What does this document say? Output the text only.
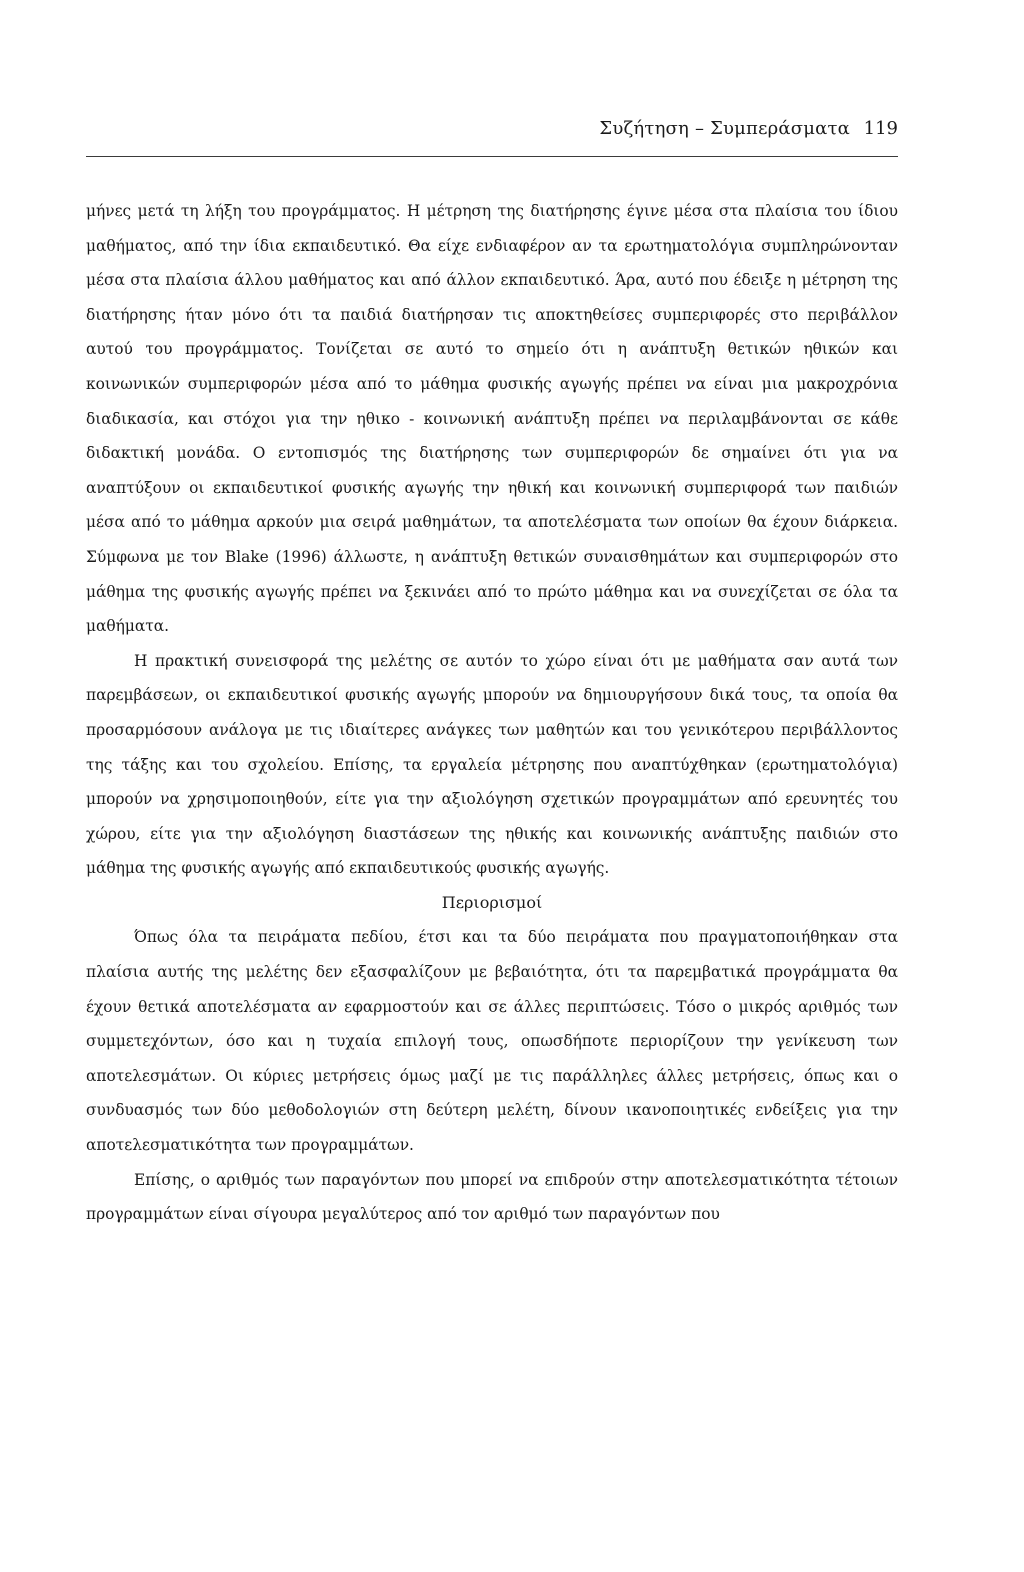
Συζήτηση – Συμπεράσματα 119

μήνες μετά τη λήξη του προγράμματος. Η μέτρηση της διατήρησης έγινε μέσα στα πλαίσια του ίδιου μαθήματος, από την ίδια εκπαιδευτικό. Θα είχε ενδιαφέρον αν τα ερωτηματολόγια συμπληρώνονταν μέσα στα πλαίσια άλλου μαθήματος και από άλλον εκπαιδευτικό. Άρα, αυτό που έδειξε η μέτρηση της διατήρησης ήταν μόνο ότι τα παιδιά διατήρησαν τις αποκτηθείσες συμπεριφορές στο περιβάλλον αυτού του προγράμματος. Τονίζεται σε αυτό το σημείο ότι η ανάπτυξη θετικών ηθικών και κοινωνικών συμπεριφορών μέσα από το μάθημα φυσικής αγωγής πρέπει να είναι μια μακροχρόνια διαδικασία, και στόχοι για την ηθικο - κοινωνική ανάπτυξη πρέπει να περιλαμβάνονται σε κάθε διδακτική μονάδα. Ο εντοπισμός της διατήρησης των συμπεριφορών δε σημαίνει ότι για να αναπτύξουν οι εκπαιδευτικοί φυσικής αγωγής την ηθική και κοινωνική συμπεριφορά των παιδιών μέσα από το μάθημα αρκούν μια σειρά μαθημάτων, τα αποτελέσματα των οποίων θα έχουν διάρκεια. Σύμφωνα με τον Blake (1996) άλλωστε, η ανάπτυξη θετικών συναισθημάτων και συμπεριφορών στο μάθημα της φυσικής αγωγής πρέπει να ξεκινάει από το πρώτο μάθημα και να συνεχίζεται σε όλα τα μαθήματα.

Η πρακτική συνεισφορά της μελέτης σε αυτόν το χώρο είναι ότι με μαθήματα σαν αυτά των παρεμβάσεων, οι εκπαιδευτικοί φυσικής αγωγής μπορούν να δημιουργήσουν δικά τους, τα οποία θα προσαρμόσουν ανάλογα με τις ιδιαίτερες ανάγκες των μαθητών και του γενικότερου περιβάλλοντος της τάξης και του σχολείου. Επίσης, τα εργαλεία μέτρησης που αναπτύχθηκαν (ερωτηματολόγια) μπορούν να χρησιμοποιηθούν, είτε για την αξιολόγηση σχετικών προγραμμάτων από ερευνητές του χώρου, είτε για την αξιολόγηση διαστάσεων της ηθικής και κοινωνικής ανάπτυξης παιδιών στο μάθημα της φυσικής αγωγής από εκπαιδευτικούς φυσικής αγωγής.

Περιορισμοί

Όπως όλα τα πειράματα πεδίου, έτσι και τα δύο πειράματα που πραγματοποιήθηκαν στα πλαίσια αυτής της μελέτης δεν εξασφαλίζουν με βεβαιότητα, ότι τα παρεμβατικά προγράμματα θα έχουν θετικά αποτελέσματα αν εφαρμοστούν και σε άλλες περιπτώσεις. Τόσο ο μικρός αριθμός των συμμετεχόντων, όσο και η τυχαία επιλογή τους, οπωσδήποτε περιορίζουν την γενίκευση των αποτελεσμάτων. Οι κύριες μετρήσεις όμως μαζί με τις παράλληλες άλλες μετρήσεις, όπως και ο συνδυασμός των δύο μεθοδολογιών στη δεύτερη μελέτη, δίνουν ικανοποιητικές ενδείξεις για την αποτελεσματικότητα των προγραμμάτων.

Επίσης, ο αριθμός των παραγόντων που μπορεί να επιδρούν στην αποτελεσματικότητα τέτοιων προγραμμάτων είναι σίγουρα μεγαλύτερος από τον αριθμό των παραγόντων που
